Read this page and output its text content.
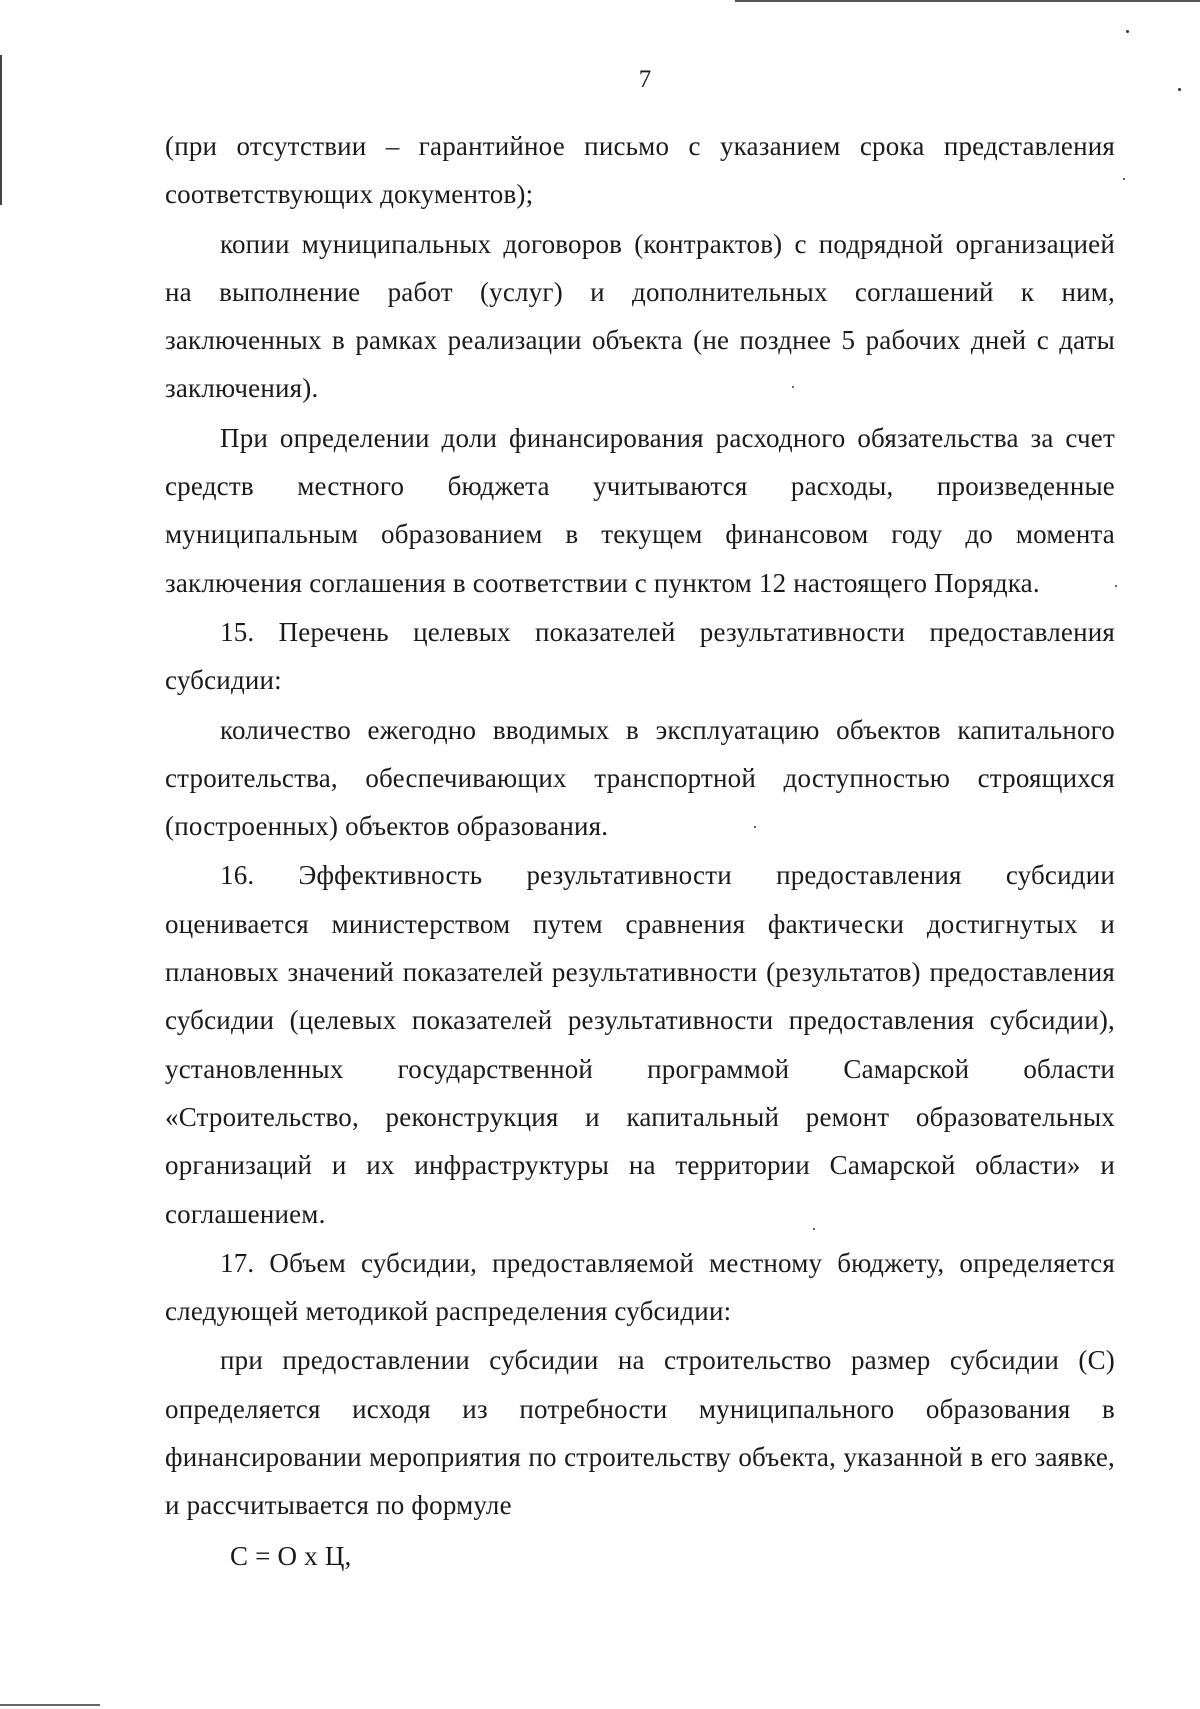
7

(при отсутствии – гарантийное письмо с указанием срока представления соответствующих документов);

копии муниципальных договоров (контрактов) с подрядной организацией на выполнение работ (услуг) и дополнительных соглашений к ним, заключенных в рамках реализации объекта (не позднее 5 рабочих дней с даты заключения).

При определении доли финансирования расходного обязательства за счет средств местного бюджета учитываются расходы, произведенные муниципальным образованием в текущем финансовом году до момента заключения соглашения в соответствии с пунктом 12 настоящего Порядка.

15. Перечень целевых показателей результативности предоставления субсидии:

количество ежегодно вводимых в эксплуатацию объектов капитального строительства, обеспечивающих транспортной доступностью строящихся (построенных) объектов образования.

16. Эффективность результативности предоставления субсидии оценивается министерством путем сравнения фактически достигнутых и плановых значений показателей результативности (результатов) предоставления субсидии (целевых показателей результативности предоставления субсидии), установленных государственной программой Самарской области «Строительство, реконструкция и капитальный ремонт образовательных организаций и их инфраструктуры на территории Самарской области» и соглашением.

17. Объем субсидии, предоставляемой местному бюджету, определяется следующей методикой распределения субсидии:

при предоставлении субсидии на строительство размер субсидии (С) определяется исходя из потребности муниципального образования в финансировании мероприятия по строительству объекта, указанной в его заявке, и рассчитывается по формуле

С = О х Ц,
